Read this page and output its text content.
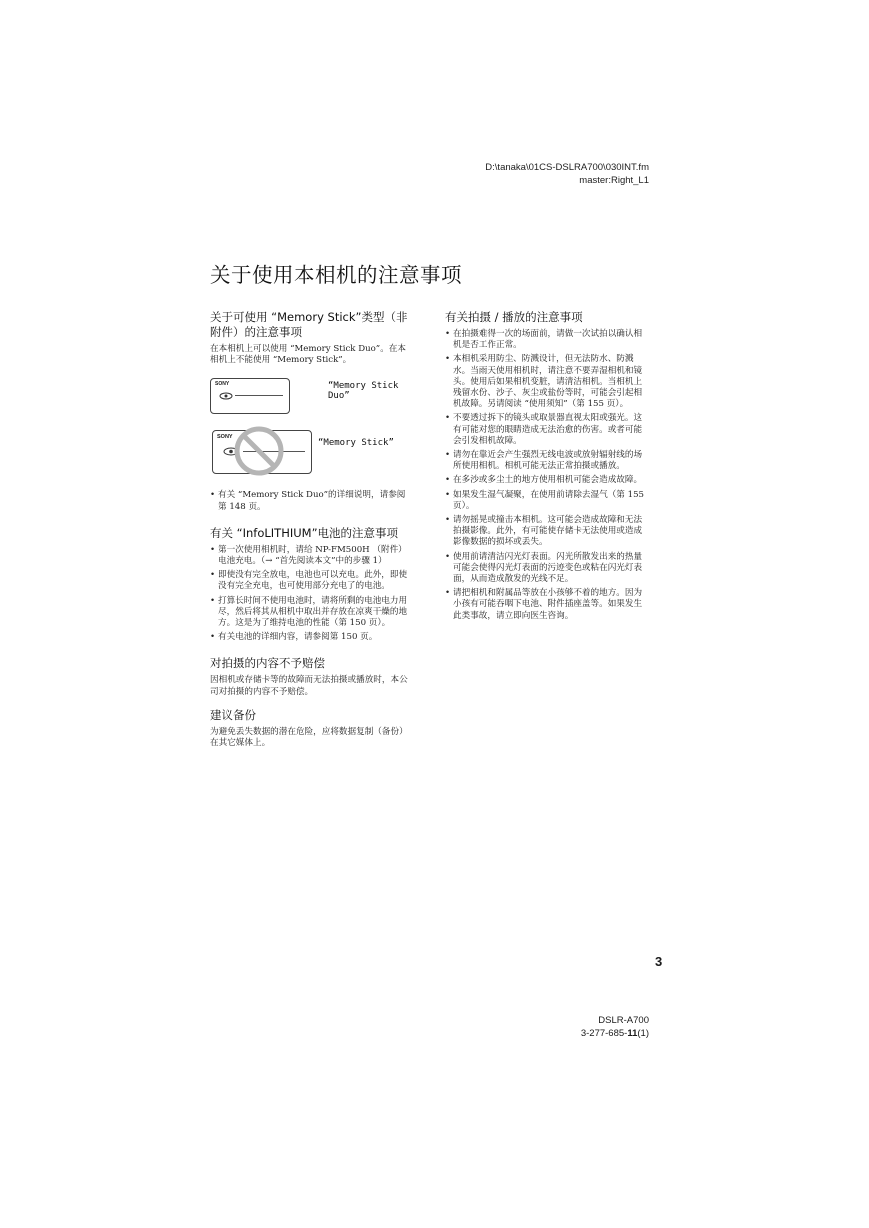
D:\tanaka\01CS-DSLRA700\030INT.fm
master:Right_L1
关于使用本相机的注意事项
关于可使用 “Memory Stick”类型（非附件）的注意事项

在本相机上可以使用 “Memory Stick Duo”。在本相机上不能使用 “Memory Stick”。

SONY	“Memory Stick Duo”
SONY
“Memory Stick”
• 有关 “Memory Stick Duo”的详细说明，请参阅第 148 页。
有关 “InfoLITHIUM”电池的注意事项
• 第一次使用相机时，请给 NP-FM500H （附件）电池充电。（→ “首先阅读本文”中的步骤 1）
• 即使没有完全放电，电池也可以充电。此外，即使没有完全充电，也可使用部分充电了的电池。
• 打算长时间不使用电池时，请将所剩的电池电力用尽，然后将其从相机中取出并存放在凉爽干燥的地方。这是为了维持电池的性能（第 150 页）。
• 有关电池的详细内容，请参阅第 150 页。
对拍摄的内容不予赔偿

因相机或存储卡等的故障而无法拍摄或播放时，本公司对拍摄的内容不予赔偿。

建议备份

为避免丢失数据的潜在危险，应将数据复制（备份）在其它媒体上。

有关拍摄 / 播放的注意事项
• 在拍摄难得一次的场面前，请做一次试拍以确认相机是否工作正常。
• 本相机采用防尘、防溅设计，但无法防水、防溅水。当雨天使用相机时，请注意不要弄湿相机和镜头。使用后如果相机变脏，请清洁相机。当相机上残留水份、沙子、灰尘或盐份等时，可能会引起相机故障。另请阅读 “使用须知”（第 155 页）。
• 不要透过拆下的镜头或取景器直视太阳或强光。这有可能对您的眼睛造成无法治愈的伤害。或者可能会引发相机故障。
• 请勿在靠近会产生强烈无线电波或放射辐射线的场所使用相机。相机可能无法正常拍摄或播放。
• 在多沙或多尘土的地方使用相机可能会造成故障。
• 如果发生湿气凝聚，在使用前请除去湿气（第 155 页）。
• 请勿摇晃或撞击本相机。这可能会造成故障和无法拍摄影像。此外，有可能使存储卡无法使用或造成影像数据的损坏或丢失。
• 使用前请清洁闪光灯表面。闪光所散发出来的热量可能会使得闪光灯表面的污迹变色或粘在闪光灯表面，从而造成散发的光线不足。
• 请把相机和附属品等放在小孩够不着的地方。因为小孩有可能吞咽下电池、附件插座盖等。如果发生此类事故，请立即向医生咨询。
3
DSLR-A700
3-277-685-11(1)
